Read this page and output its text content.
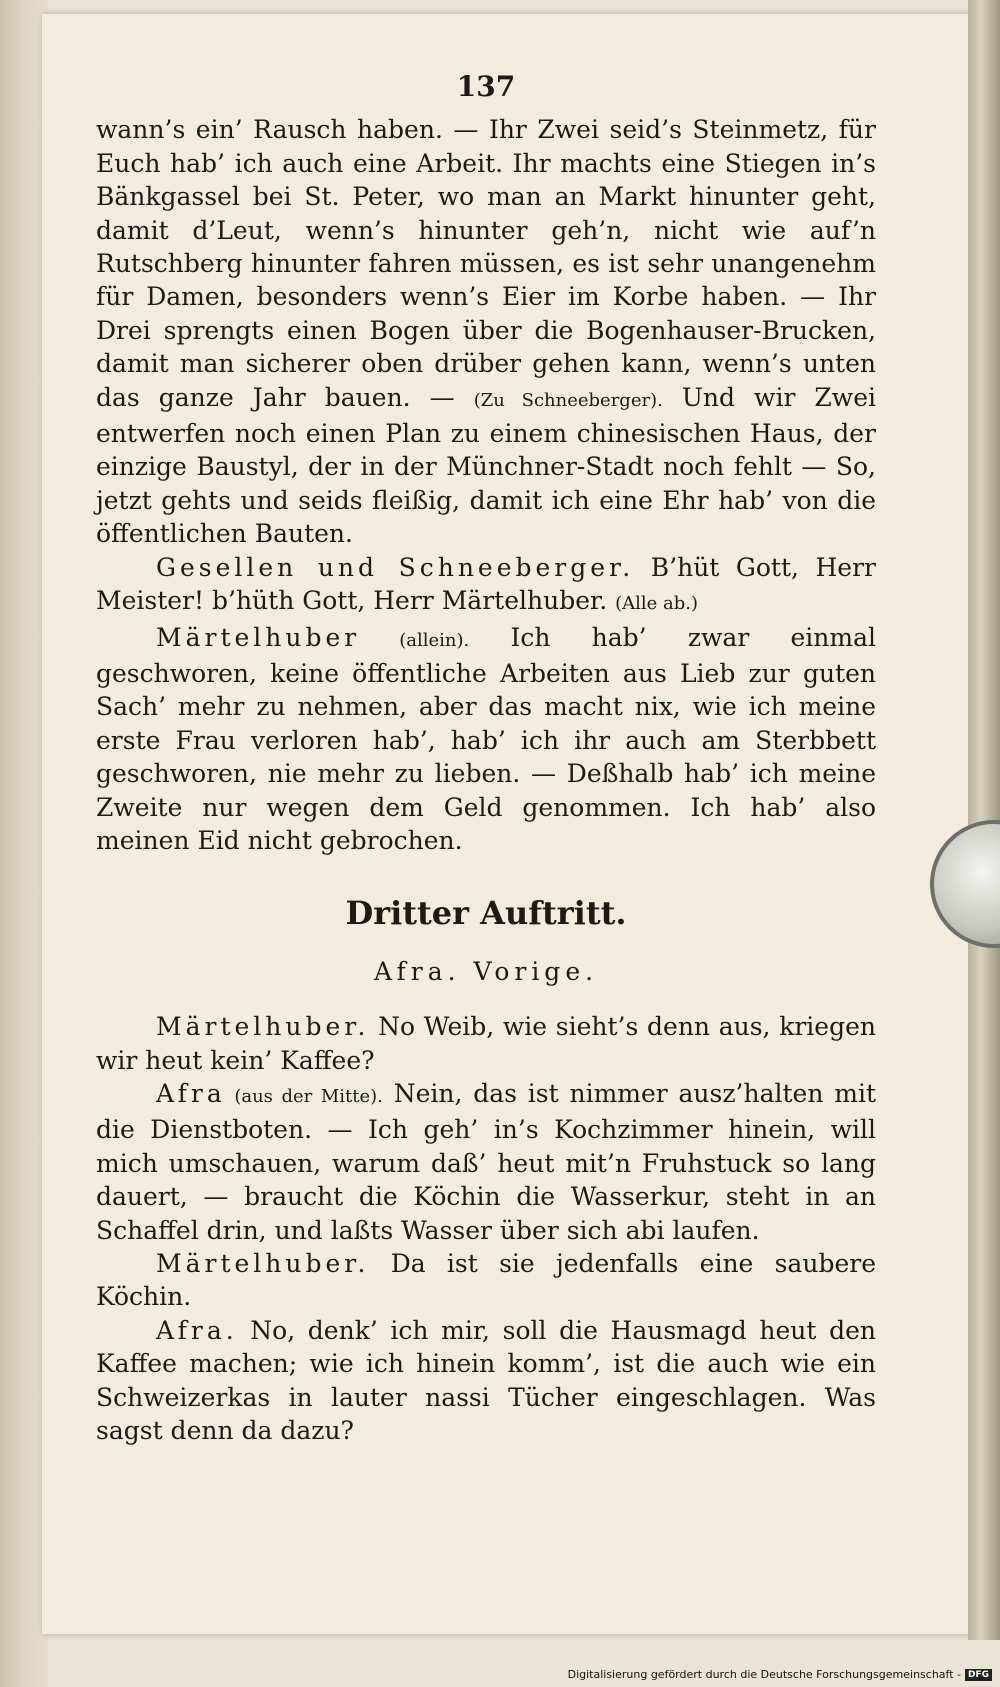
137

wann’s ein’ Rausch haben. — Ihr Zwei seid’s Steinmetz, für Euch hab’ ich auch eine Arbeit. Ihr machts eine Stiegen in’s Bänkgassel bei St. Peter, wo man an Markt hinunter geht, damit d’Leut, wenn’s hinunter geh’n, nicht wie auf’n Rutschberg hinunter fahren müssen, es ist sehr unangenehm für Damen, besonders wenn’s Eier im Korbe haben. — Ihr Drei sprengts einen Bogen über die Bogenhauser-Brucken, damit man sicherer oben drüber gehen kann, wenn’s unten das ganze Jahr bauen. — (Zu Schneeberger). Und wir Zwei entwerfen noch einen Plan zu einem chinesischen Haus, der einzige Baustyl, der in der Münchner-Stadt noch fehlt — So, jetzt gehts und seids fleißig, damit ich eine Ehr hab’ von die öffentlichen Bauten.

Gesellen und Schneeberger. B’hüt Gott, Herr Meister! b’hüth Gott, Herr Märtelhuber. (Alle ab.)

Märtelhuber (allein). Ich hab’ zwar einmal geschworen, keine öffentliche Arbeiten aus Lieb zur guten Sach’ mehr zu nehmen, aber das macht nix, wie ich meine erste Frau verloren hab’, hab’ ich ihr auch am Sterbbett geschworen, nie mehr zu lieben. — Deßhalb hab’ ich meine Zweite nur wegen dem Geld genommen. Ich hab’ also meinen Eid nicht gebrochen.

Dritter Auftritt.
Afra. Vorige.

Märtelhuber. No Weib, wie sieht’s denn aus, kriegen wir heut kein’ Kaffee?

Afra (aus der Mitte). Nein, das ist nimmer ausz’halten mit die Dienstboten. — Ich geh’ in’s Kochzimmer hinein, will mich umschauen, warum daß’ heut mit’n Fruhstuck so lang dauert, — braucht die Köchin die Wasserkur, steht in an Schaffel drin, und laßts Wasser über sich abi laufen.

Märtelhuber. Da ist sie jedenfalls eine saubere Köchin.

Afra. No, denk’ ich mir, soll die Hausmagd heut den Kaffee machen; wie ich hinein komm’, ist die auch wie ein Schweizerkas in lauter nassi Tücher eingeschlagen. Was sagst denn da dazu?

Digitalisierung gefördert durch die Deutsche Forschungsgemeinschaft - DFG
